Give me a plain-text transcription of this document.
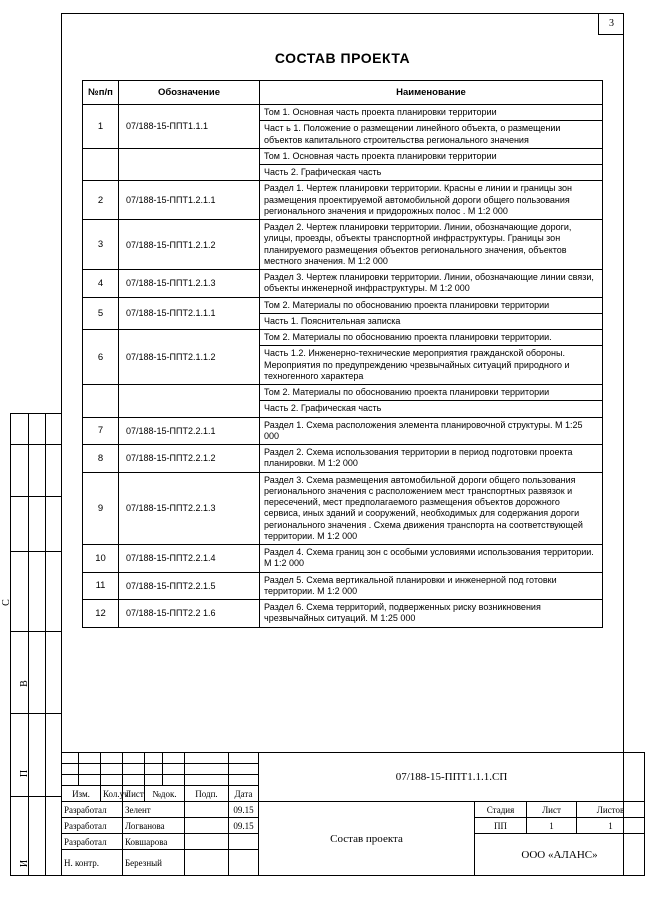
3
СОСТАВ ПРОЕКТА
№п/п	Обозначение	Наименование
1	07/188-15-ППТ1.1.1	Том 1. Основная часть проекта планировки территории
		Част ь 1. Положение о размещении линейного объекта, о размещении объектов капитального строительства регионального значения
		Том 1. Основная часть проекта планировки территории
		Часть 2. Графическая часть
2	07/188-15-ППТ1.2.1.1	Раздел 1. Чертеж планировки территории. Красны е линии и границы зон размещения проектируемой автомобильной дороги общего пользования регионального значения и придорожных полос . М 1:2 000
3	07/188-15-ППТ1.2.1.2	Раздел 2. Чертеж планировки территории. Линии, обозначающие дороги, улицы, проезды, объекты транспортной инфраструктуры. Границы зон планируемого размещения объектов регионального значения, объектов местного значения. М 1:2 000
4	07/188-15-ППТ1.2.1.3	Раздел 3. Чертеж планировки территории. Линии, обозначающие линии связи, объекты инженерной инфраструктуры. М 1:2 000
5	07/188-15-ППТ2.1.1.1	Том 2. Материалы по обоснованию проекта планировки территории
		Часть 1. Пояснительная записка
6	07/188-15-ППТ2.1.1.2	Том 2. Материалы по обоснованию проекта планировки территории.
		Часть 1.2. Инженерно-технические мероприятия гражданской обороны. Мероприятия по предупреждению чрезвычайных ситуаций природного и техногенного характера
		Том 2. Материалы по обоснованию проекта планировки территории
		Часть 2. Графическая часть
7	07/188-15-ППТ2.2.1.1	Раздел 1. Схема расположения элемента планировочной структуры. М 1:25 000
8	07/188-15-ППТ2.2.1.2	Раздел 2. Схема использования территории в период подготовки проекта планировки. М 1:2 000
9	07/188-15-ППТ2.2.1.3	Раздел 3. Схема размещения автомобильной дороги общего пользования регионального значения с расположением мест транспортных развязок и пересечений, мест предполагаемого размещения объектов дорожного сервиса, иных зданий и сооружений, необходимых для содержания дороги регионального значения . Схема движения транспорта на соответствующей территории. М 1:2 000
10	07/188-15-ППТ2.2.1.4	Раздел 4. Схема границ зон с особыми условиями использования территории. М 1:2 000
11	07/188-15-ППТ2.2.1.5	Раздел 5. Схема вертикальной планировки и инженерной под готовки территории. М 1:2 000
12	07/188-15-ППТ2.2 1.6	Раздел 6. Схема территорий, подверженных риску возникновения чрезвычайных ситуаций. М 1:25 000
С
В
П
И
								07/188-15-ППТ1.1.1.СП			

Изм.		Кол.уч	Лист	№док.		Подп.	Дата				
Разработал			Зелент				09.15	Состав проекта	Стадия	Лист	Листов
Разработал			Логванова				09.15		ПП	1	1
Разработал			Ковшарова						ООО «АЛАНС»		
Н. контр.			Березный								
